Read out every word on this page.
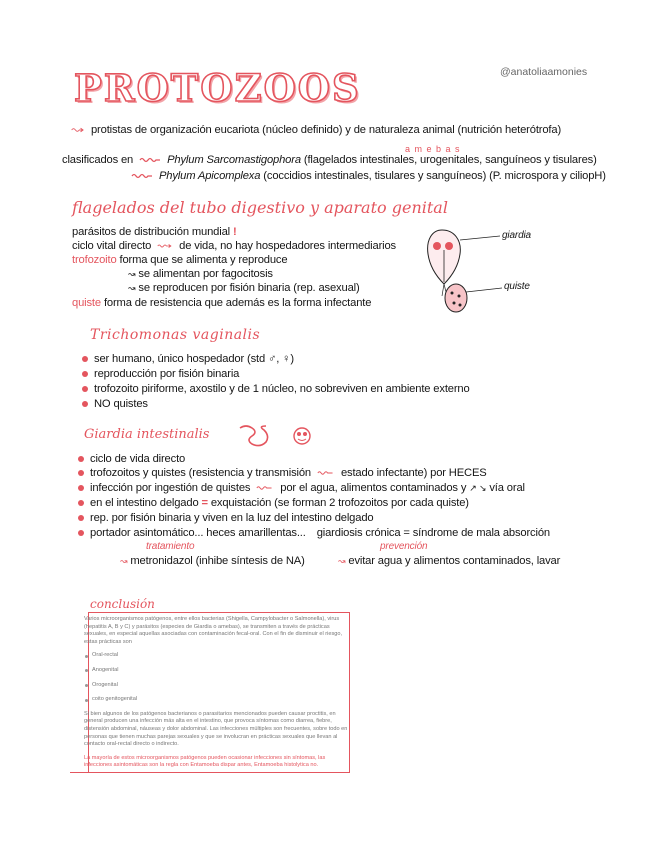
PROTOZOOS	@anatoliaamonies
protistas de organización eucariota (núcleo definido) y de naturaleza animal (nutrición heterótrofa)
a m e b a s
clasificados en	Phylum Sarcomastigophora (flagelados intestinales, urogenitales, sanguíneos y tisulares)
Phylum Apicomplexa (coccidios intestinales, tisulares y sanguíneos) (P. microspora y ciliopH)
flagelados del tubo digestivo y aparato genital
parásitos de distribución mundial !
ciclo vital directo de vida, no hay hospedadores intermediarios
trofozoito forma que se alimenta y reproduce
↝ se alimentan por fagocitosis
↝ se reproducen por fisión binaria (rep. asexual)
quiste forma de resistencia que además es la forma infectante
giardia
quiste
Trichomonas vaginalis
ser humano, único hospedador (std ♂, ♀)
reproducción por fisión binaria
trofozoito piriforme, axostilo y de 1 núcleo, no sobreviven en ambiente externo
NO quistes
Giardia intestinalis
ciclo de vida directo
trofozoitos y quistes (resistencia y transmisión	estado infectante) por HECES
infección por ingestión de quistes	por el agua, alimentos contaminados y ↗ ↘ vía oral
en el intestino delgado = exquistación (se forman 2 trofozoitos por cada quiste)
rep. por fisión binaria y viven en la luz del intestino delgado
portador asintomático... heces amarillentas... giardiosis crónica = síndrome de mala absorción
tratamiento	prevención
↝ metronidazol (inhibe síntesis de NA)	↝ evitar agua y alimentos contaminados, lavar
conclusión

Varios microorganismos patógenos, entre ellos bacterias (Shigella, Campylobacter o Salmonella), virus (hepatitis A, B y C) y parásitos (especies de Giardia o amebas), se transmiten a través de prácticas sexuales, en especial aquellas asociadas con contaminación fecal-oral. Con el fin de disminuir el riesgo, estas prácticas son

Oral-rectal
Anogenital
Orogenital
coito genitogenital

Si bien algunos de los patógenos bacterianos o parasitarios mencionados pueden causar proctitis, en general producen una infección más alta en el intestino, que provoca síntomas como diarrea, fiebre, distensión abdominal, náuseas y dolor abdominal. Las infecciones múltiples son frecuentes, sobre todo en personas que tienen muchas parejas sexuales y que se involucran en prácticas sexuales que llevan al contacto oral-rectal directo o indirecto.

La mayoría de estos microorganismos patógenos pueden ocasionar infecciones sin síntomas, las infecciones asintomáticas son la regla con Entamoeba dispar antes, Entamoeba histolytica no.
